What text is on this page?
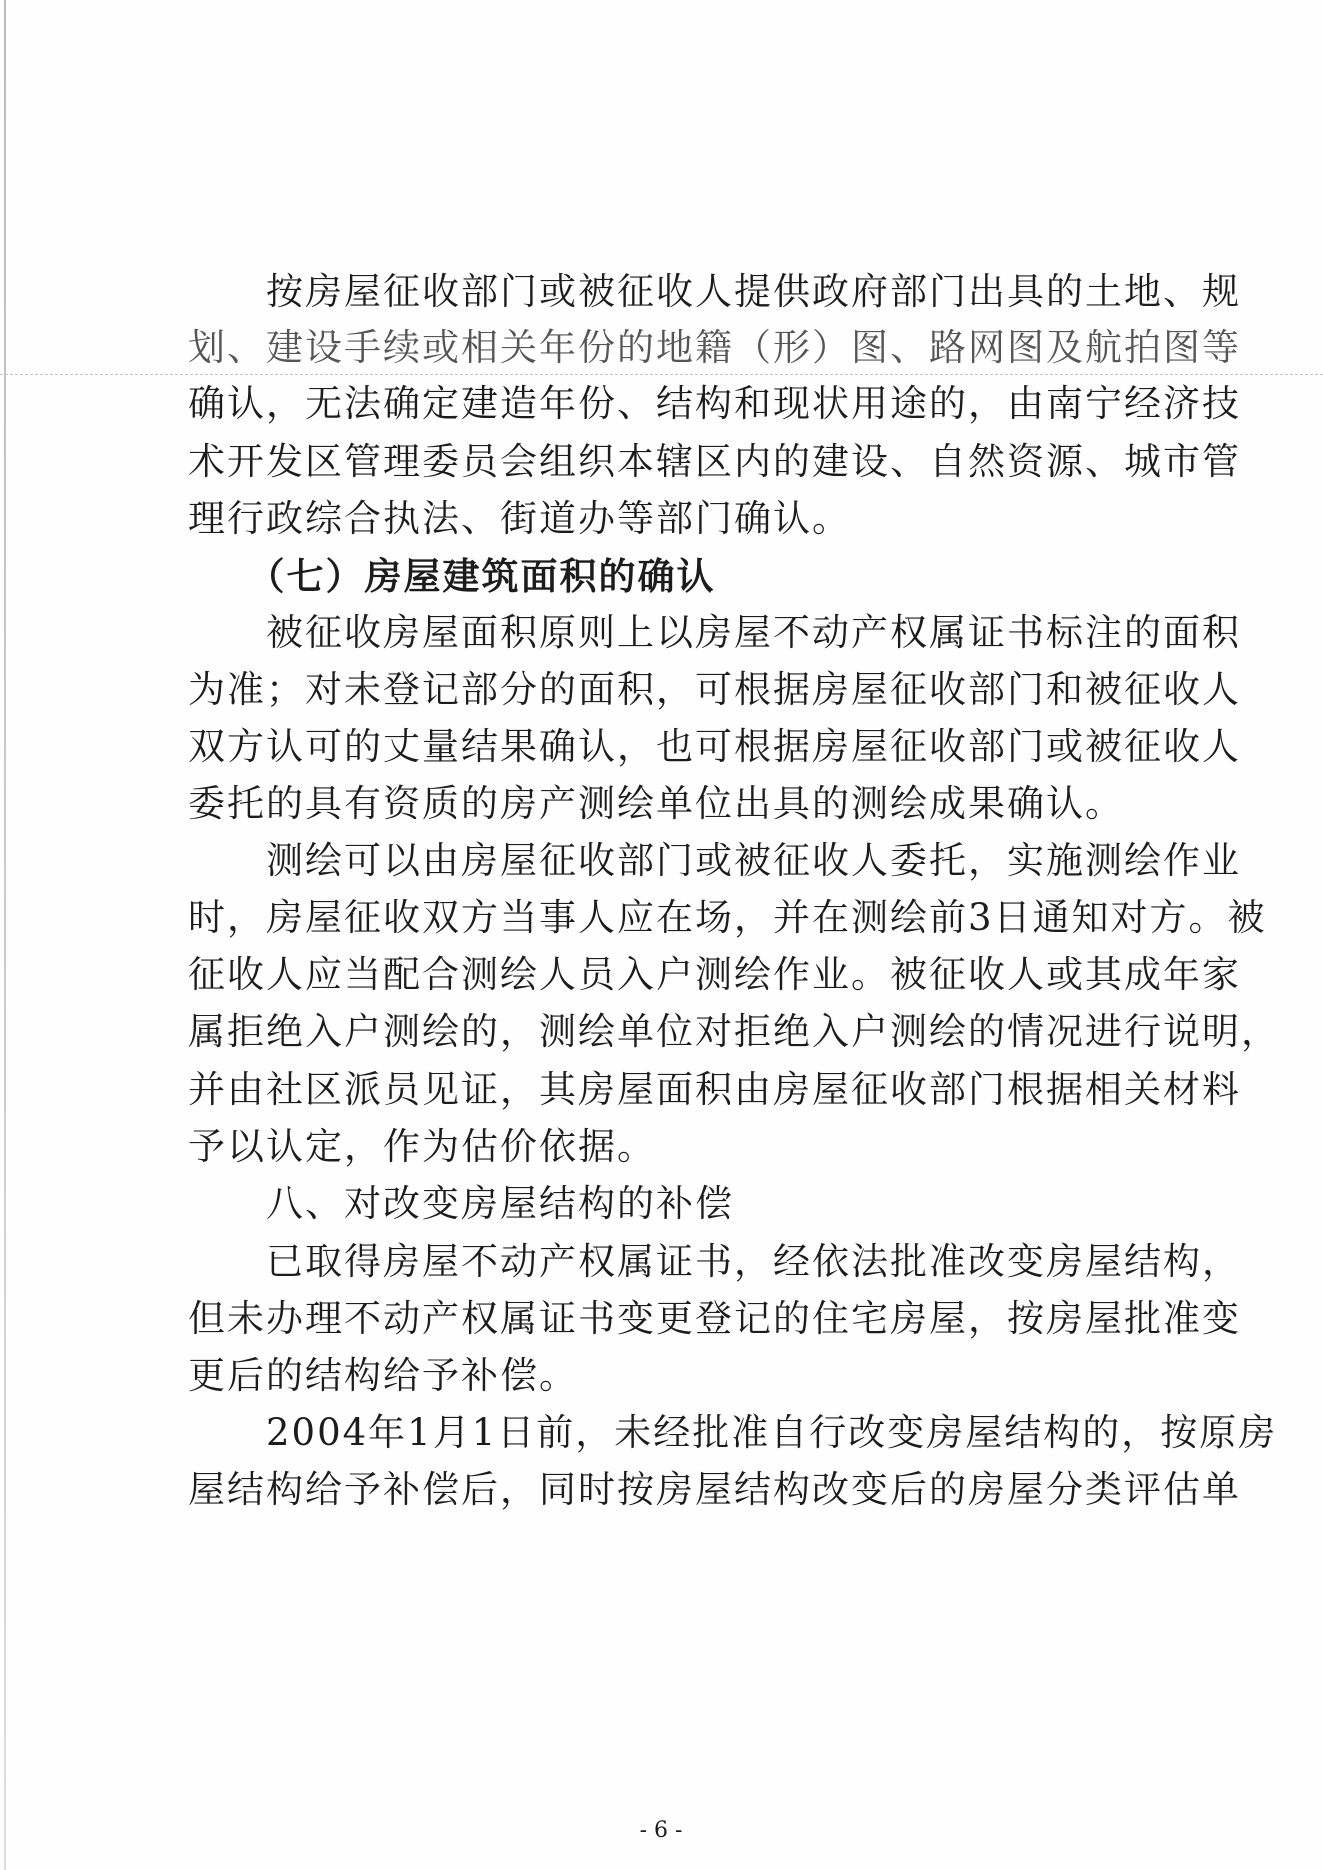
　　按房屋征收部门或被征收人提供政府部门出具的土地、规
划、建设手续或相关年份的地籍（形）图、路网图及航拍图等
确认，无法确定建造年份、结构和现状用途的，由南宁经济技
术开发区管理委员会组织本辖区内的建设、自然资源、城市管
理行政综合执法、街道办等部门确认。
　　（七）房屋建筑面积的确认
　　被征收房屋面积原则上以房屋不动产权属证书标注的面积
为准；对未登记部分的面积，可根据房屋征收部门和被征收人
双方认可的丈量结果确认，也可根据房屋征收部门或被征收人
委托的具有资质的房产测绘单位出具的测绘成果确认。
　　测绘可以由房屋征收部门或被征收人委托，实施测绘作业
时，房屋征收双方当事人应在场，并在测绘前3日通知对方。被
征收人应当配合测绘人员入户测绘作业。被征收人或其成年家
属拒绝入户测绘的，测绘单位对拒绝入户测绘的情况进行说明，
并由社区派员见证，其房屋面积由房屋征收部门根据相关材料
予以认定，作为估价依据。
　　八、对改变房屋结构的补偿
　　已取得房屋不动产权属证书，经依法批准改变房屋结构，
但未办理不动产权属证书变更登记的住宅房屋，按房屋批准变
更后的结构给予补偿。
　　2004年1月1日前，未经批准自行改变房屋结构的，按原房
屋结构给予补偿后，同时按房屋结构改变后的房屋分类评估单
- 6 -
